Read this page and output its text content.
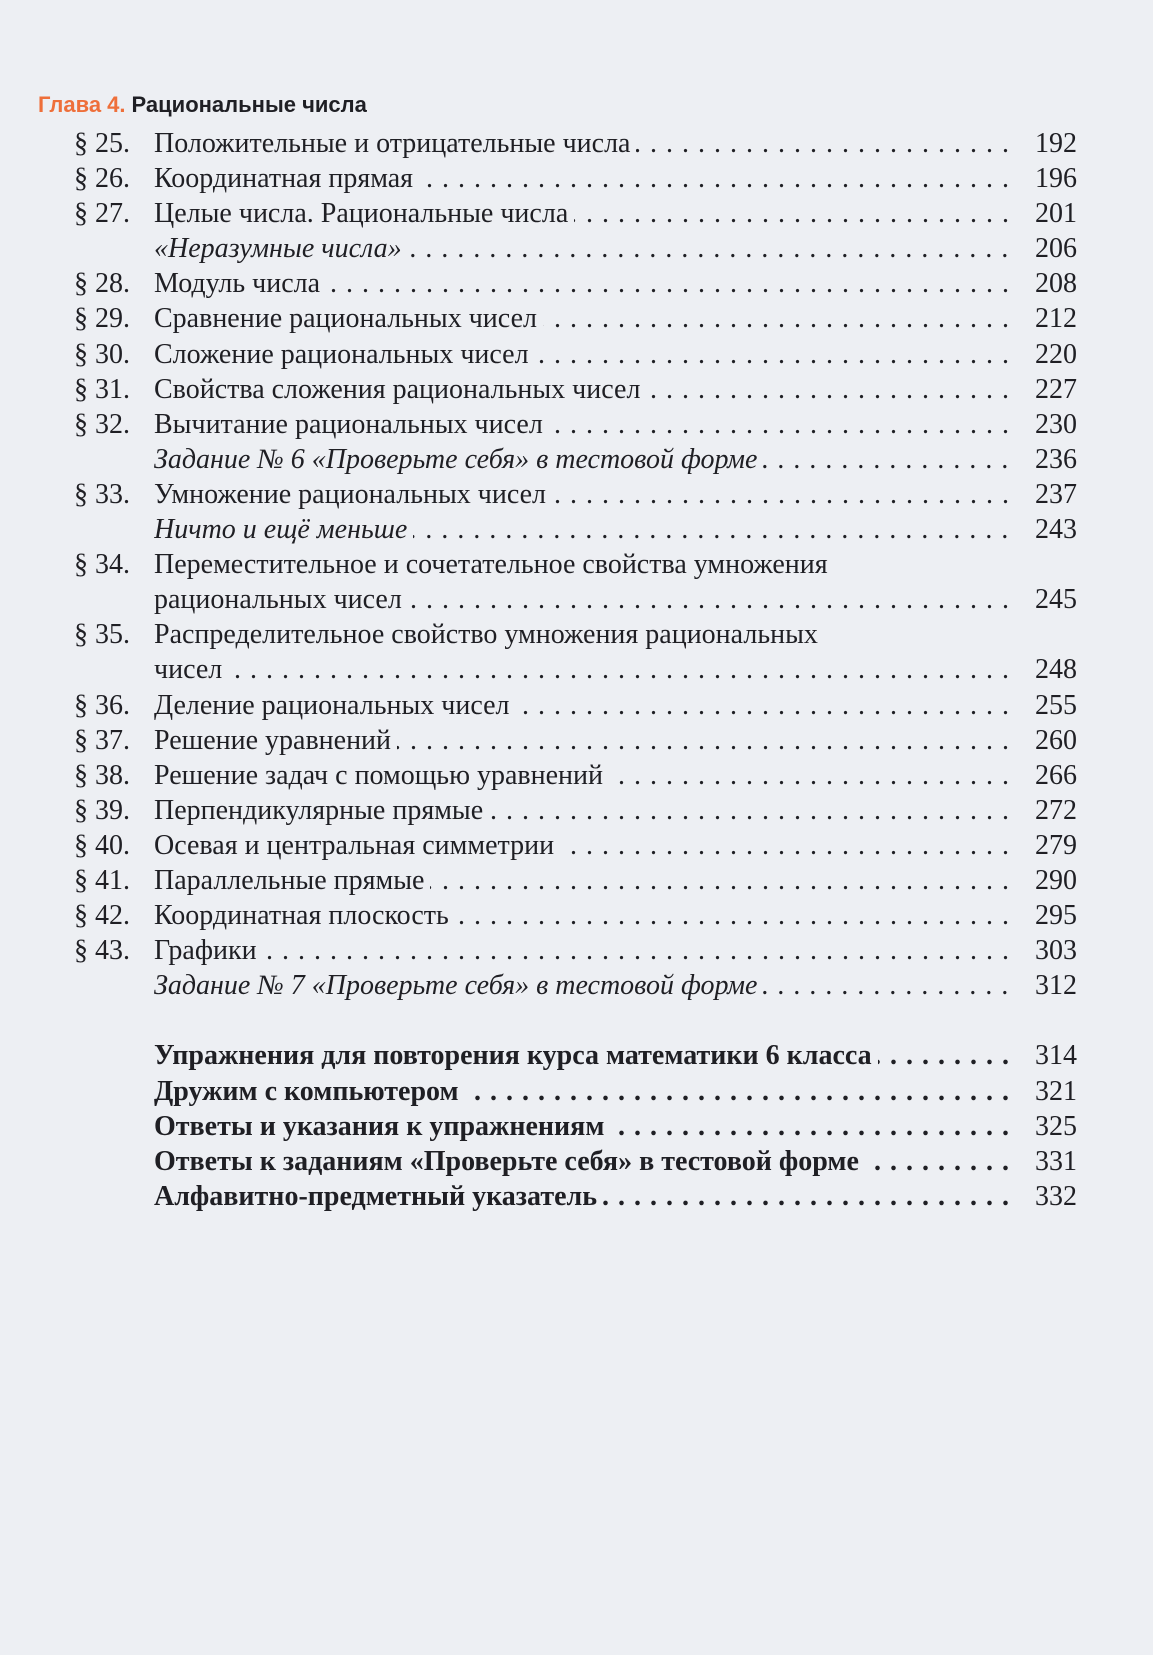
Глава 4. Рациональные числа
§ 25. Положительные и отрицательные числа . . .	192
§ 26. Координатная прямая . . .	196
§ 27. Целые числа. Рациональные числа . . .	201
«Неразумные числа» . . .	206
§ 28. Модуль числа . . .	208
§ 29. Сравнение рациональных чисел . . .	212
§ 30. Сложение рациональных чисел . . .	220
§ 31. Свойства сложения рациональных чисел . . .	227
§ 32. Вычитание рациональных чисел . . .	230
Задание № 6 «Проверьте себя» в тестовой форме . . .	236
§ 33. Умножение рациональных чисел . . .	237
Ничто и ещё меньше . . .	243
§ 34. Переместительное и сочетательное свойства умножения
рациональных чисел . . .	245
§ 35. Распределительное свойство умножения рациональных
чисел . . .	248
§ 36. Деление рациональных чисел . . .	255
§ 37. Решение уравнений . . .	260
§ 38. Решение задач с помощью уравнений . . .	266
§ 39. Перпендикулярные прямые . . .	272
§ 40. Осевая и центральная симметрии . . .	279
§ 41. Параллельные прямые . . .	290
§ 42. Координатная плоскость . . .	295
§ 43. Графики . . .	303
Задание № 7 «Проверьте себя» в тестовой форме . . .	312
Упражнения для повторения курса математики 6 класса . . .	314
Дружим с компьютером . . .	321
Ответы и указания к упражнениям . . .	325
Ответы к заданиям «Проверьте себя» в тестовой форме . . .	331
Алфавитно-предметный указатель . . .	332
